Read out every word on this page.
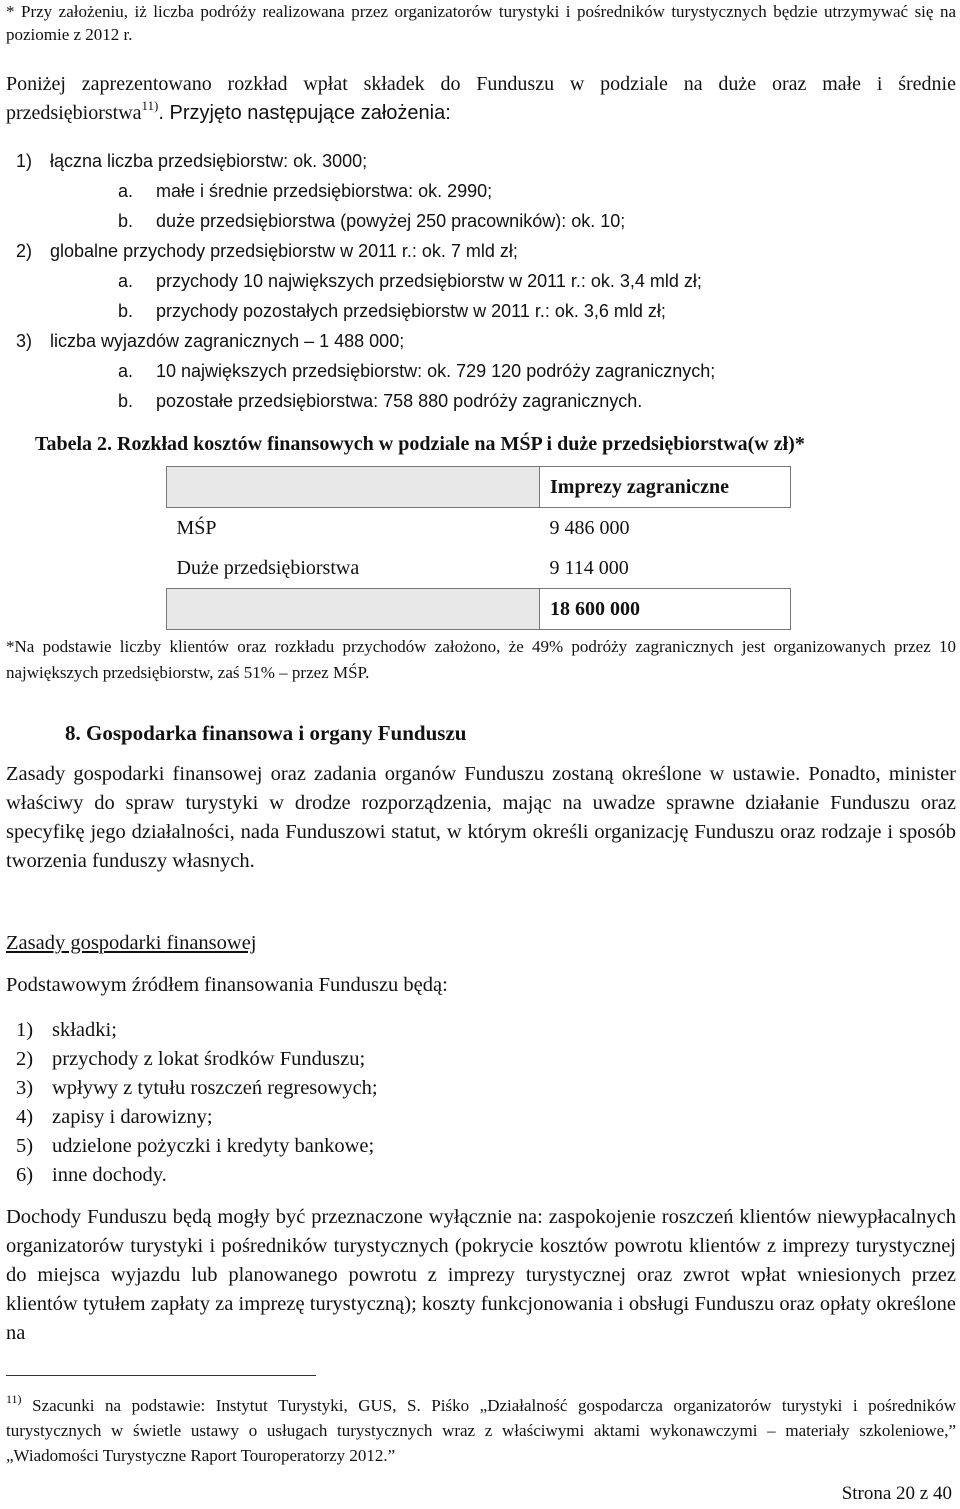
* Przy założeniu, iż liczba podróży realizowana przez organizatorów turystyki i pośredników turystycznych będzie utrzymywać się na poziomie z 2012 r.
Poniżej zaprezentowano rozkład wpłat składek do Funduszu w podziale na duże oraz małe i średnie przedsiębiorstwa$^{11)}$. Przyjęto następujące założenia:
1) łączna liczba przedsiębiorstw: ok. 3000;
a. małe i średnie przedsiębiorstwa: ok. 2990;
b. duże przedsiębiorstwa (powyżej 250 pracowników): ok. 10;
2) globalne przychody przedsiębiorstw w 2011 r.: ok. 7 mld zł;
a. przychody 10 największych przedsiębiorstw w 2011 r.: ok. 3,4 mld zł;
b. przychody pozostałych przedsiębiorstw w 2011 r.: ok. 3,6 mld zł;
3) liczba wyjazdów zagranicznych – 1 488 000;
a. 10 największych przedsiębiorstw: ok. 729 120 podróży zagranicznych;
b. pozostałe przedsiębiorstwa: 758 880 podróży zagranicznych.
Tabela 2. Rozkład kosztów finansowych w podziale na MŚP i duże przedsiębiorstwa(w zł)*
	Imprezy zagraniczne
MŚP	9 486 000
Duże przedsiębiorstwa	9 114 000
	18 600 000
*Na podstawie liczby klientów oraz rozkładu przychodów założono, że 49% podróży zagranicznych jest organizowanych przez 10 największych przedsiębiorstw, zaś 51% – przez MŚP.
8. Gospodarka finansowa i organy Funduszu
Zasady gospodarki finansowej oraz zadania organów Funduszu zostaną określone w ustawie. Ponadto, minister właściwy do spraw turystyki w drodze rozporządzenia, mając na uwadze sprawne działanie Funduszu oraz specyfikę jego działalności, nada Funduszowi statut, w którym określi organizację Funduszu oraz rodzaje i sposób tworzenia funduszy własnych.
Zasady gospodarki finansowej
Podstawowym źródłem finansowania Funduszu będą:
1) składki;
2) przychody z lokat środków Funduszu;
3) wpływy z tytułu roszczeń regresowych;
4) zapisy i darowizny;
5) udzielone pożyczki i kredyty bankowe;
6) inne dochody.
Dochody Funduszu będą mogły być przeznaczone wyłącznie na: zaspokojenie roszczeń klientów niewypłacalnych organizatorów turystyki i pośredników turystycznych (pokrycie kosztów powrotu klientów z imprezy turystycznej do miejsca wyjazdu lub planowanego powrotu z imprezy turystycznej oraz zwrot wpłat wniesionych przez klientów tytułem zapłaty za imprezę turystyczną); koszty funkcjonowania i obsługi Funduszu oraz opłaty określone na
$^{11)}$ Szacunki na podstawie: Instytut Turystyki, GUS, S. Piśko „Działalność gospodarcza organizatorów turystyki i pośredników turystycznych w świetle ustawy o usługach turystycznych wraz z właściwymi aktami wykonawczymi – materiały szkoleniowe,” „Wiadomości Turystyczne Raport Touroperatorzy 2012.”
Strona 20 z 40
